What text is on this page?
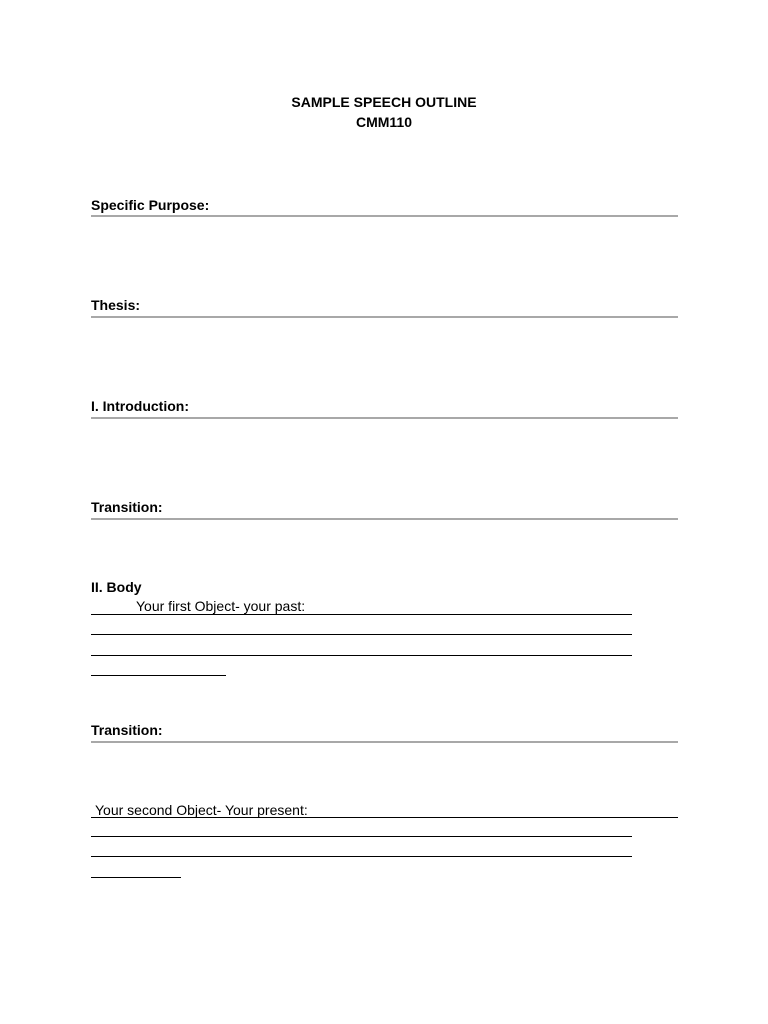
SAMPLE SPEECH OUTLINE
CMM110
Specific Purpose:
Thesis:
I. Introduction:
Transition:
II. Body
Your first Object- your past:
Transition:
Your second Object- Your present:
